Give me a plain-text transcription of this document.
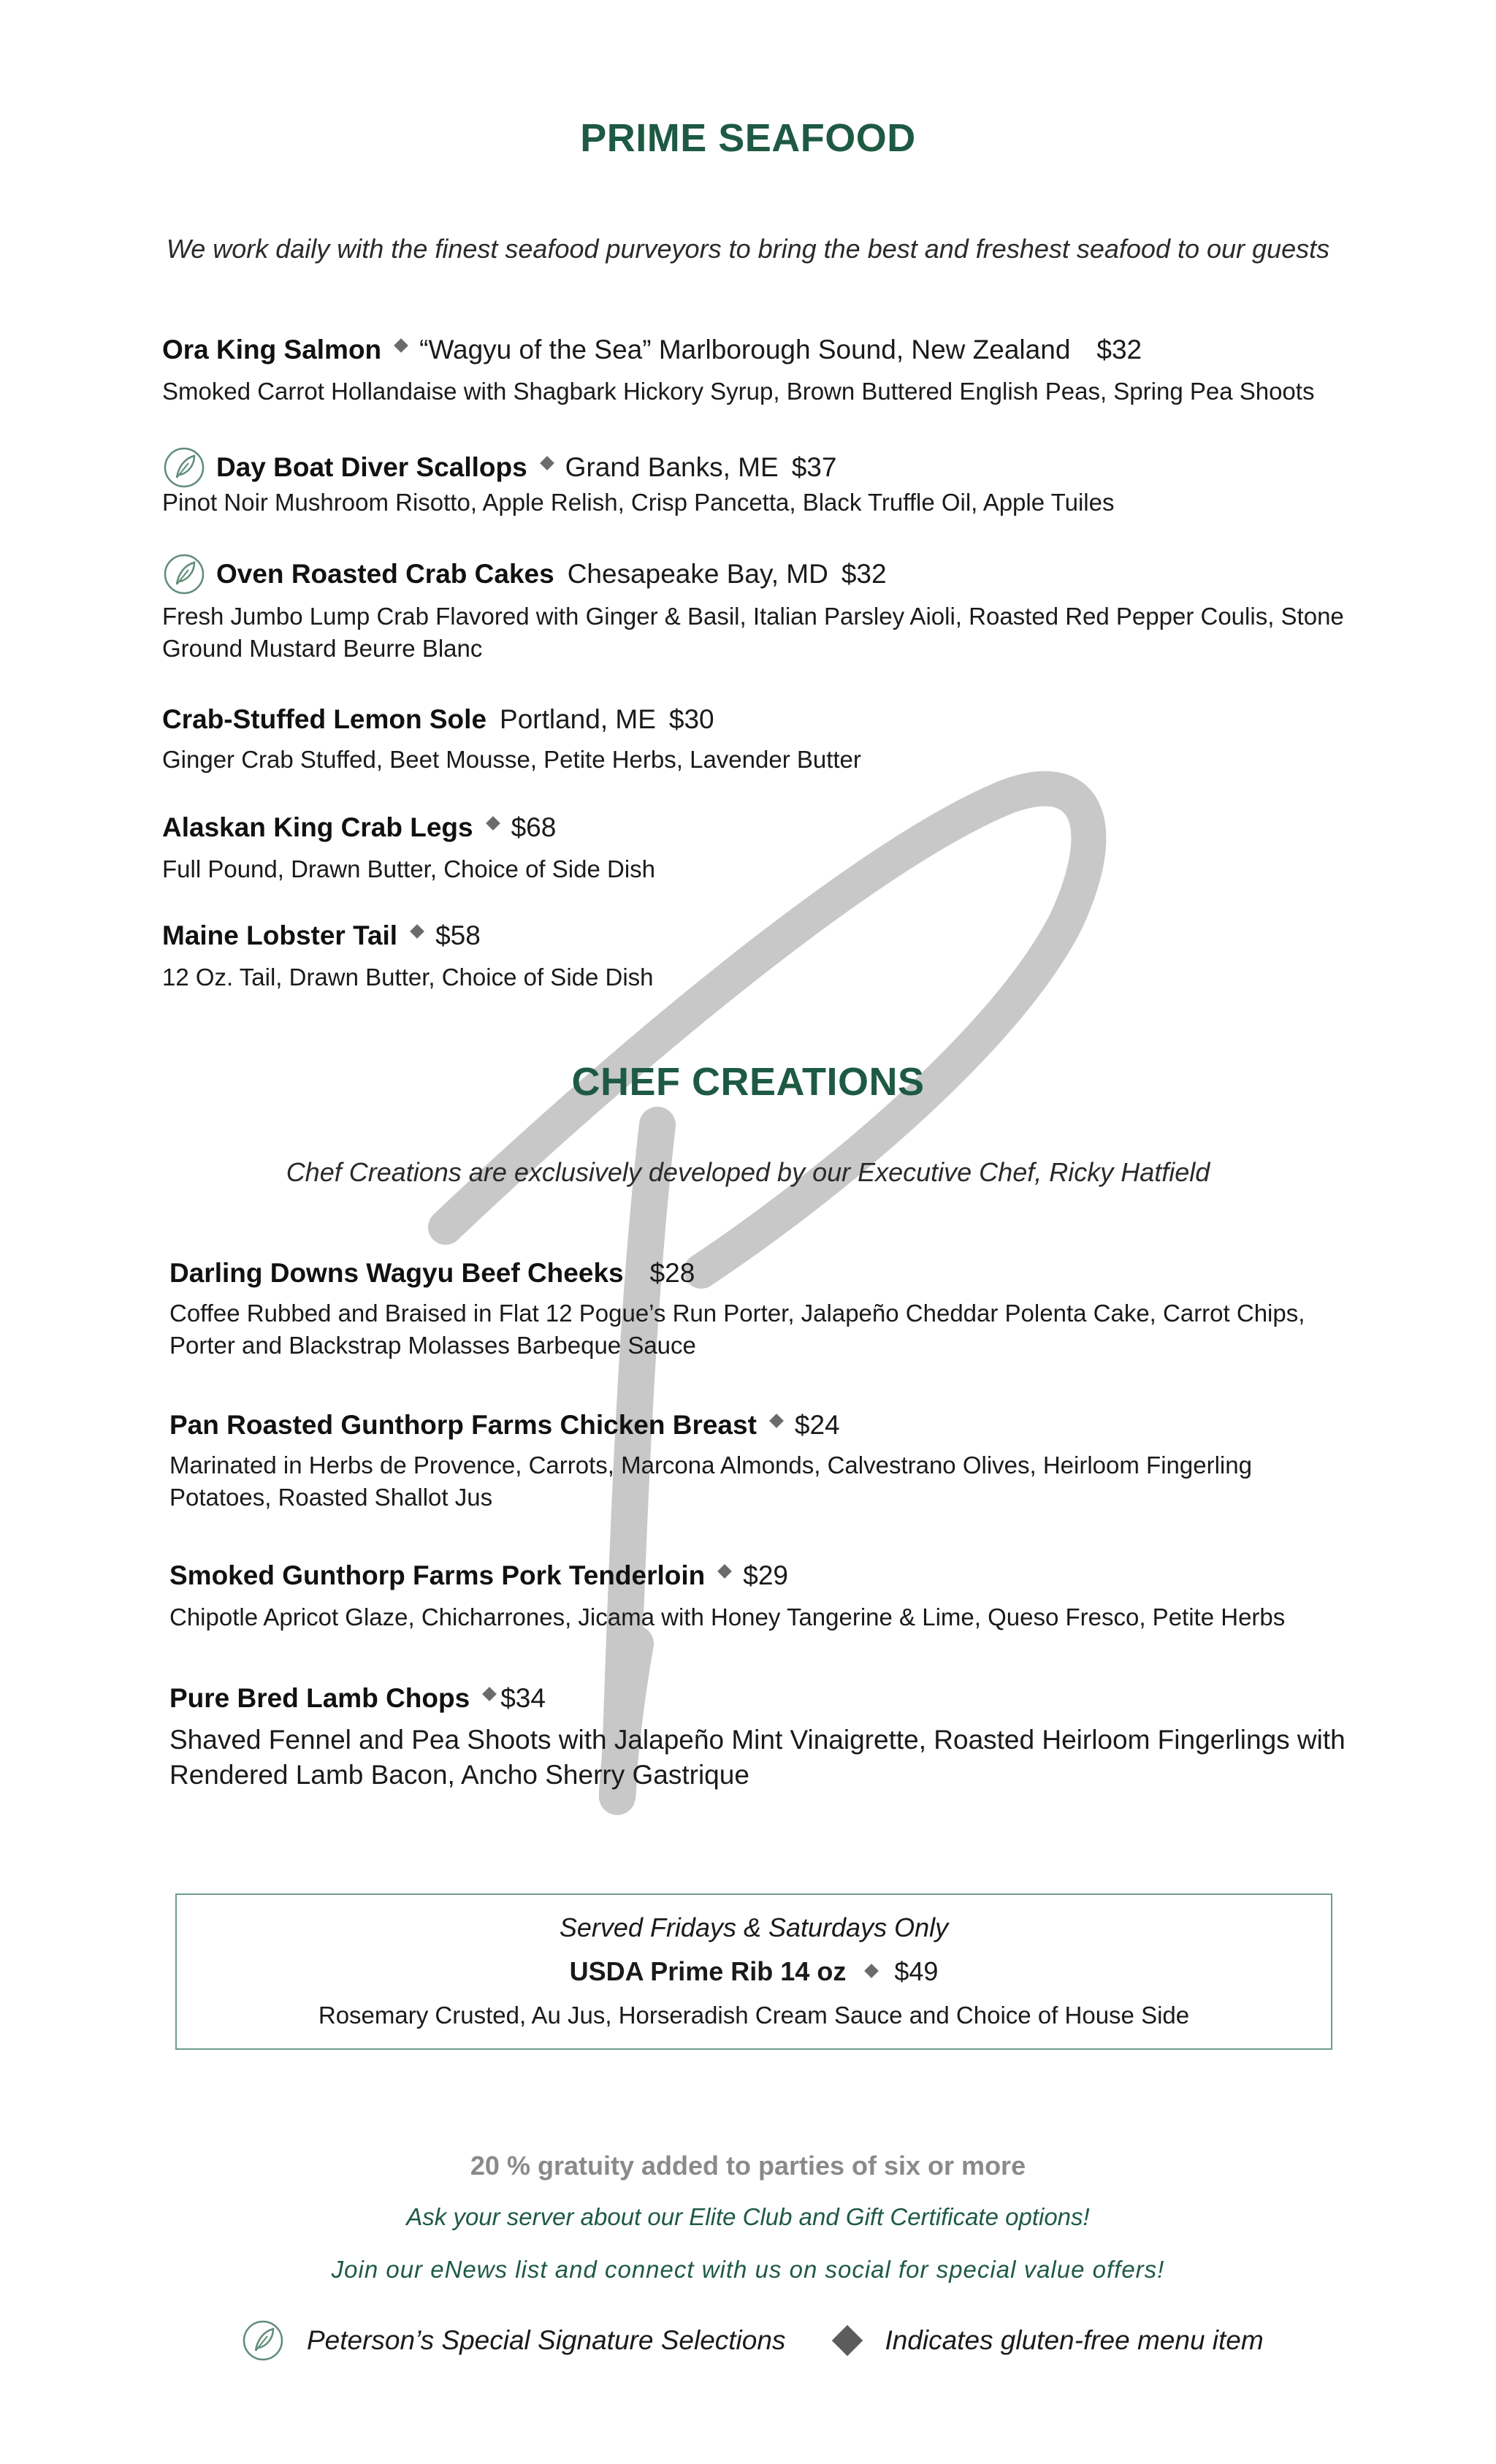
PRIME SEAFOOD
We work daily with the finest seafood purveyors to bring the best and freshest seafood to our guests
Ora King Salmon “Wagyu of the Sea” Marlborough Sound, New Zealand $32
Smoked Carrot Hollandaise with Shagbark Hickory Syrup, Brown Buttered English Peas, Spring Pea Shoots
Day Boat Diver Scallops Grand Banks, ME $37
Pinot Noir Mushroom Risotto, Apple Relish, Crisp Pancetta, Black Truffle Oil, Apple Tuiles
Oven Roasted Crab Cakes Chesapeake Bay, MD $32
Fresh Jumbo Lump Crab Flavored with Ginger & Basil, Italian Parsley Aioli, Roasted Red Pepper Coulis, Stone Ground Mustard Beurre Blanc
Crab-Stuffed Lemon Sole Portland, ME $30
Ginger Crab Stuffed, Beet Mousse, Petite Herbs, Lavender Butter
Alaskan King Crab Legs $68
Full Pound, Drawn Butter, Choice of Side Dish
Maine Lobster Tail $58
12 Oz. Tail, Drawn Butter, Choice of Side Dish
CHEF CREATIONS
Chef Creations are exclusively developed by our Executive Chef, Ricky Hatfield
Darling Downs Wagyu Beef Cheeks $28
Coffee Rubbed and Braised in Flat 12 Pogue’s Run Porter, Jalapeño Cheddar Polenta Cake, Carrot Chips, Porter and Blackstrap Molasses Barbeque Sauce
Pan Roasted Gunthorp Farms Chicken Breast $24
Marinated in Herbs de Provence, Carrots, Marcona Almonds, Calvestrano Olives, Heirloom Fingerling Potatoes, Roasted Shallot Jus
Smoked Gunthorp Farms Pork Tenderloin $29
Chipotle Apricot Glaze, Chicharrones, Jicama with Honey Tangerine & Lime, Queso Fresco, Petite Herbs
Pure Bred Lamb Chops $34
Shaved Fennel and Pea Shoots with Jalapeño Mint Vinaigrette, Roasted Heirloom Fingerlings with Rendered Lamb Bacon, Ancho Sherry Gastrique
Served Fridays & Saturdays Only
USDA Prime Rib 14 oz $49
Rosemary Crusted, Au Jus, Horseradish Cream Sauce and Choice of House Side
20 % gratuity added to parties of six or more
Ask your server about our Elite Club and Gift Certificate options!
Join our eNews list and connect with us on social for special value offers!
Peterson’s Special Signature Selections	Indicates gluten-free menu item
